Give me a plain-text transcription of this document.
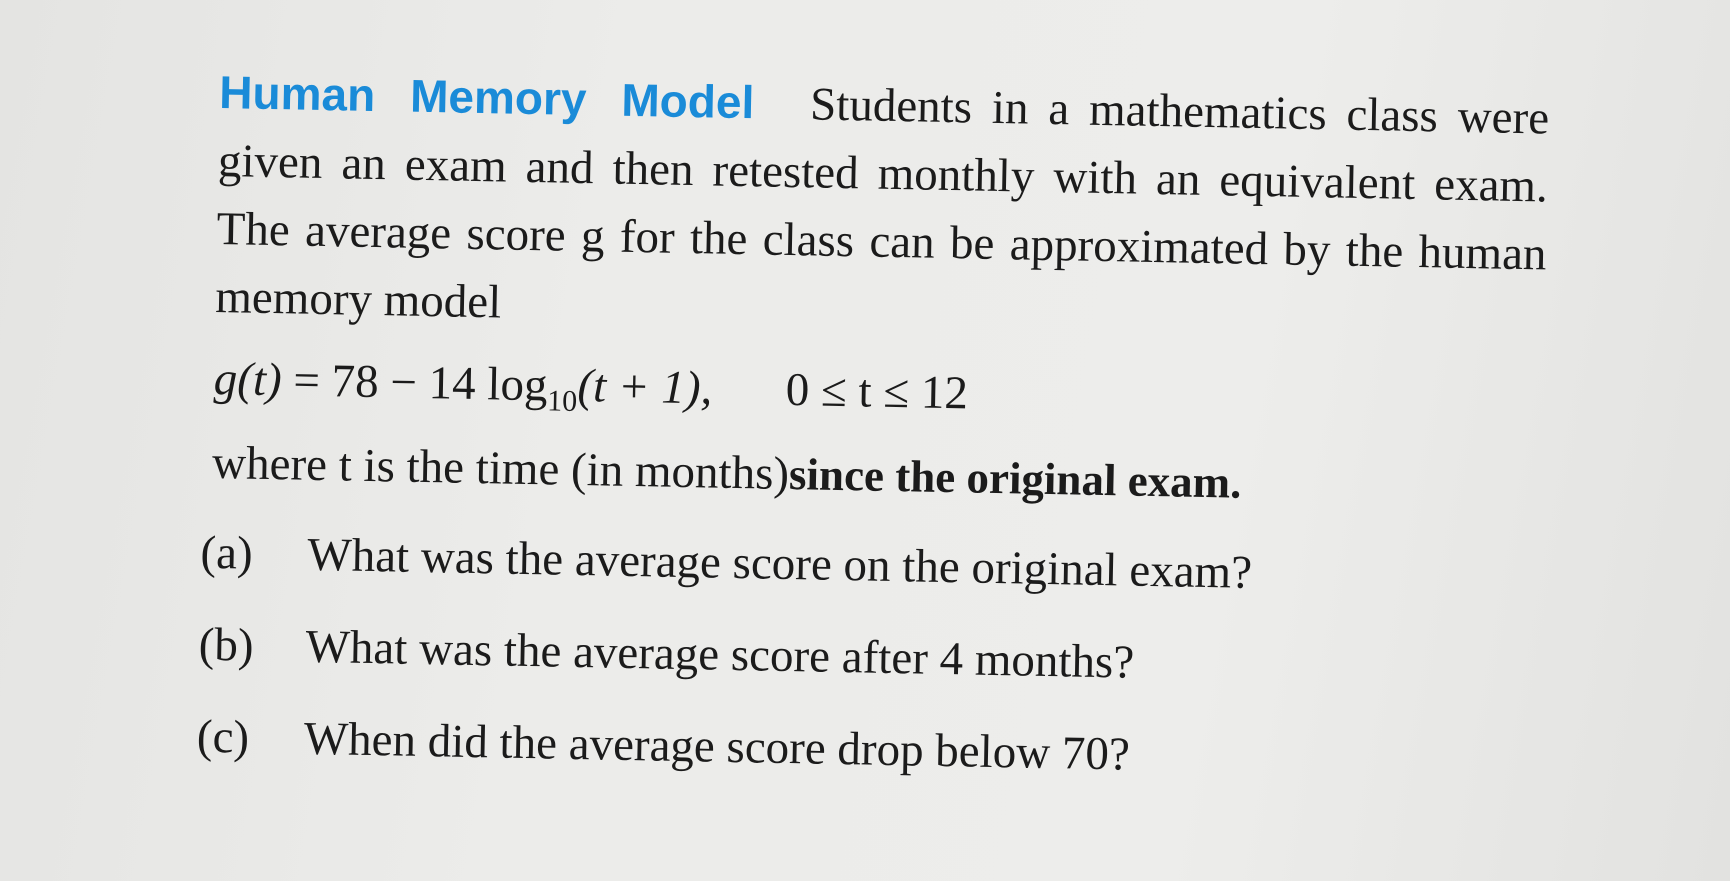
Human Memory Model Students in a mathematics class were given an exam and then retested monthly with an equivalent exam. The average score g for the class can be approximated by the human memory model

g(t) = 78 − 14 $\log_{10}(t + 1)$, 0 ≤ t ≤ 12
where t is the time (in months)since the original exam.
(a) What was the average score on the original exam?
(b) What was the average score after 4 months?
(c) When did the average score drop below 70?
